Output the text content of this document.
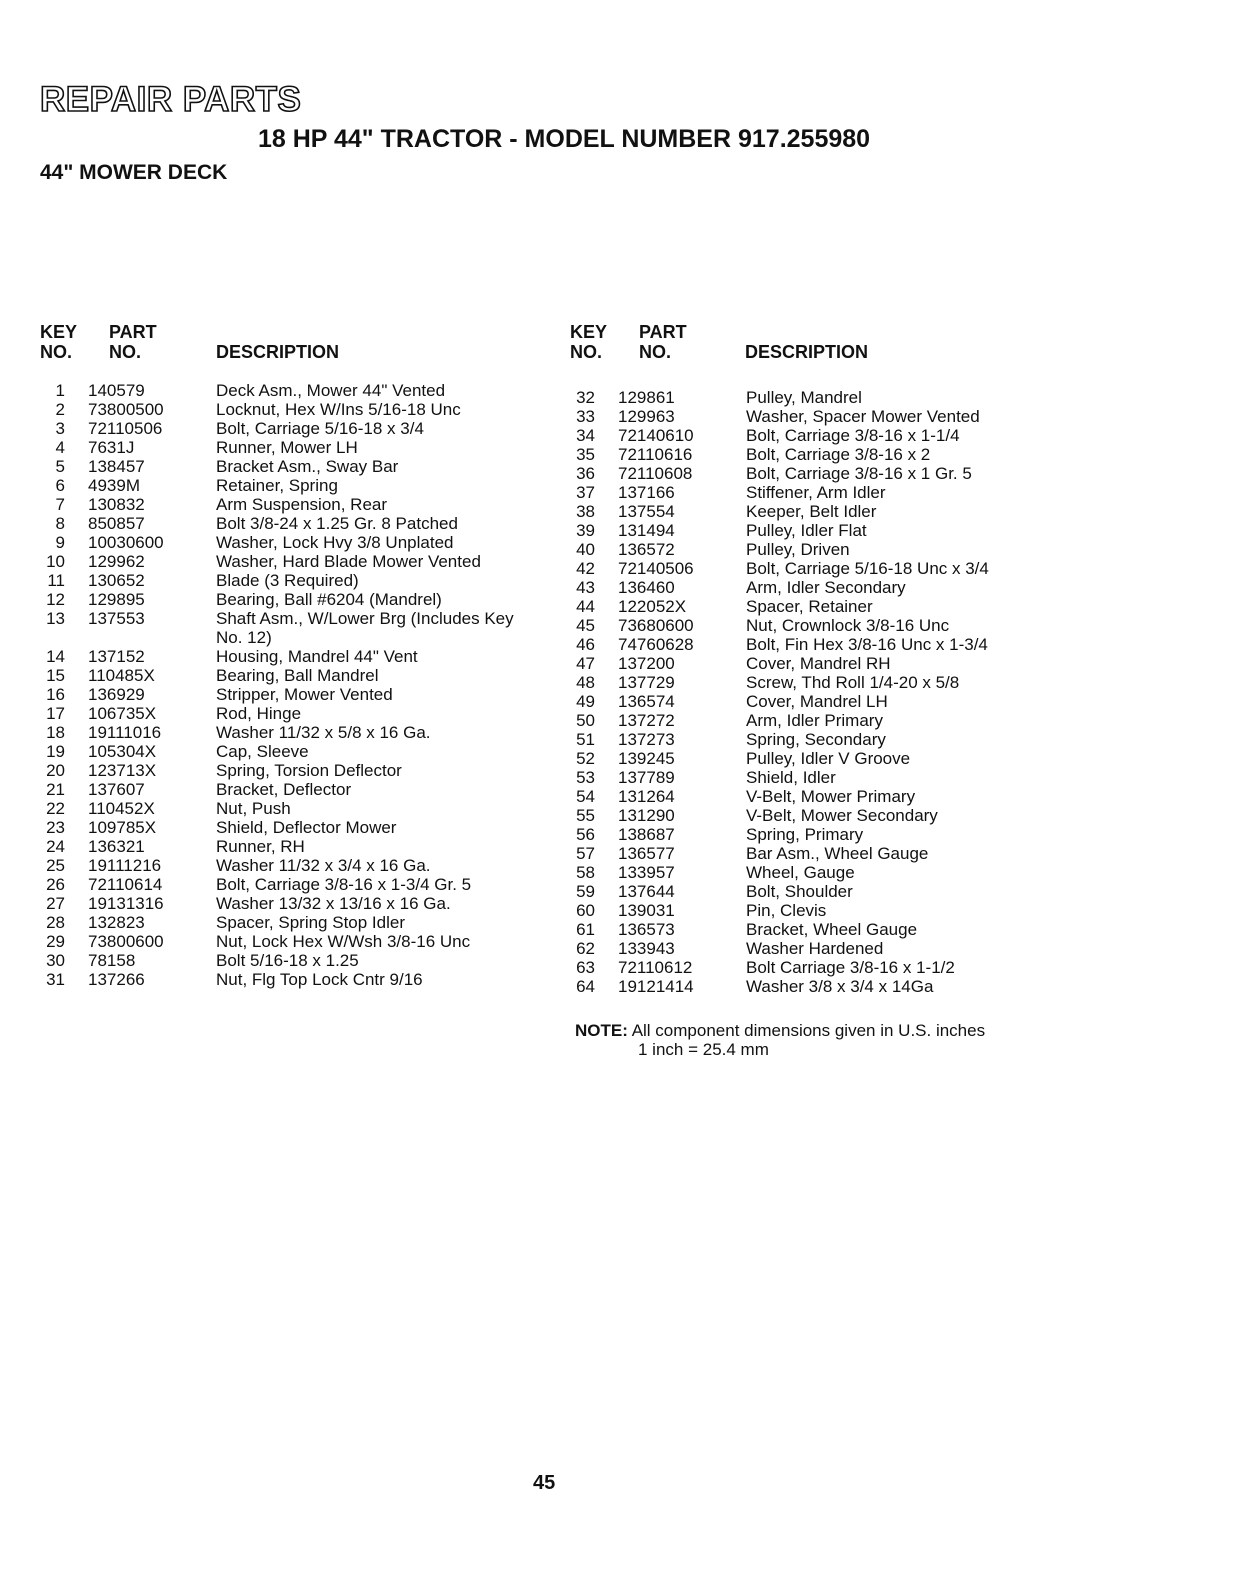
REPAIR PARTS
18 HP 44" TRACTOR - MODEL NUMBER 917.255980
44" MOWER DECK
KEY
NO.
PART
NO.	DESCRIPTION
1 140579	Deck Asm., Mower 44" Vented
2 73800500	Locknut, Hex W/Ins 5/16-18 Unc
3 72110506	Bolt, Carriage 5/16-18 x 3/4
4 7631J	Runner, Mower LH
5 138457	Bracket Asm., Sway Bar
6 4939M	Retainer, Spring
7 130832	Arm Suspension, Rear
8 850857	Bolt 3/8-24 x 1.25 Gr. 8 Patched
9 10030600	Washer, Lock Hvy 3/8 Unplated
10 129962	Washer, Hard Blade Mower Vented
11 130652	Blade (3 Required)
12 129895	Bearing, Ball #6204 (Mandrel)
13 137553	Shaft Asm., W/Lower Brg (Includes Key No. 12)
14 137152	Housing, Mandrel 44" Vent
15 110485X	Bearing, Ball Mandrel
16 136929	Stripper, Mower Vented
17 106735X	Rod, Hinge
18 19111016	Washer 11/32 x 5/8 x 16 Ga.
19 105304X	Cap, Sleeve
20 123713X	Spring, Torsion Deflector
21 137607	Bracket, Deflector
22 110452X	Nut, Push
23 109785X	Shield, Deflector Mower
24 136321	Runner, RH
25 19111216	Washer 11/32 x 3/4 x 16 Ga.
26 72110614	Bolt, Carriage 3/8-16 x 1-3/4 Gr. 5
27 19131316	Washer 13/32 x 13/16 x 16 Ga.
28 132823	Spacer, Spring Stop Idler
29 73800600	Nut, Lock Hex W/Wsh 3/8-16 Unc
30 78158	Bolt 5/16-18 x 1.25
31 137266	Nut, Flg Top Lock Cntr 9/16
KEY
NO.
PART
NO.	DESCRIPTION
32 129861	Pulley, Mandrel
33 129963	Washer, Spacer Mower Vented
34 72140610	Bolt, Carriage 3/8-16 x 1-1/4
35 72110616	Bolt, Carriage 3/8-16 x 2
36 72110608	Bolt, Carriage 3/8-16 x 1 Gr. 5
37 137166	Stiffener, Arm Idler
38 137554	Keeper, Belt Idler
39 131494	Pulley, Idler Flat
40 136572	Pulley, Driven
42 72140506	Bolt, Carriage 5/16-18 Unc x 3/4
43 136460	Arm, Idler Secondary
44 122052X	Spacer, Retainer
45 73680600	Nut, Crownlock 3/8-16 Unc
46 74760628	Bolt, Fin Hex 3/8-16 Unc x 1-3/4
47 137200	Cover, Mandrel RH
48 137729	Screw, Thd Roll 1/4-20 x 5/8
49 136574	Cover, Mandrel LH
50 137272	Arm, Idler Primary
51 137273	Spring, Secondary
52 139245	Pulley, Idler V Groove
53 137789	Shield, Idler
54 131264	V-Belt, Mower Primary
55 131290	V-Belt, Mower Secondary
56 138687	Spring, Primary
57 136577	Bar Asm., Wheel Gauge
58 133957	Wheel, Gauge
59 137644	Bolt, Shoulder
60 139031	Pin, Clevis
61 136573	Bracket, Wheel Gauge
62 133943	Washer Hardened
63 72110612	Bolt Carriage 3/8-16 x 1-1/2
64 19121414	Washer 3/8 x 3/4 x 14Ga
NOTE: All component dimensions given in U.S. inches
1 inch = 25.4 mm
45
